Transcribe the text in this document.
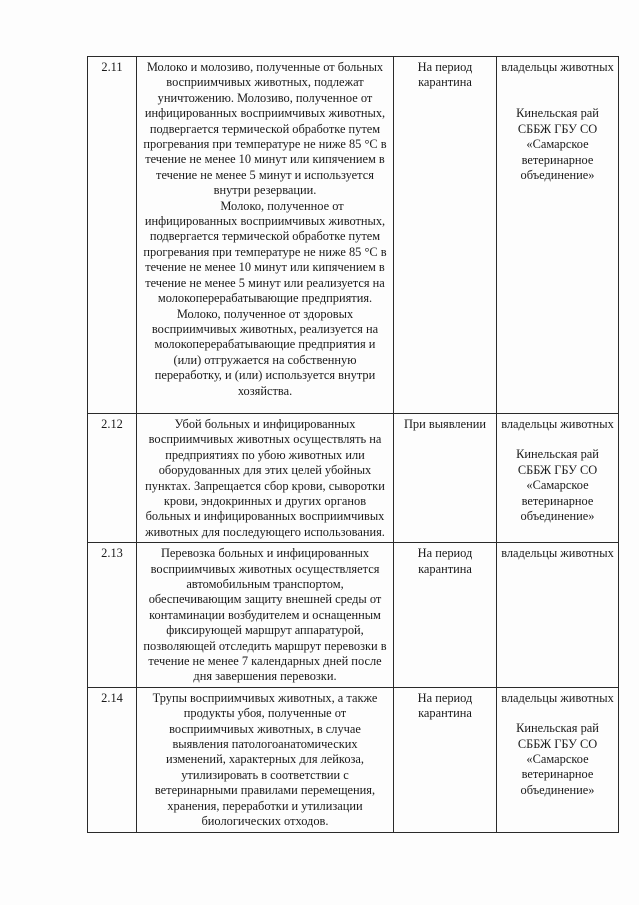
2.11	Молоко и молозиво, полученные от больных восприимчивых животных, подлежат уничтожению. Молозиво, полученное от инфицированных восприимчивых животных, подвергается термической обработке путем прогревания при температуре не ниже 85 °С в течение не менее 10 минут или кипячением в течение не менее 5 минут и используется внутри резервации.
Молоко, полученное от инфицированных восприимчивых животных, подвергается термической обработке путем прогревания при температуре не ниже 85 °С в течение не менее 10 минут или кипячением в течение не менее 5 минут или реализуется на молокоперерабатывающие предприятия.
Молоко, полученное от здоровых восприимчивых животных, реализуется на молокоперерабатывающие предприятия и (или) отгружается на собственную переработку, и (или) используется внутри хозяйства.	На период карантина	владельцы животных
Кинельская рай СББЖ ГБУ СО «Самарское ветеринарное объединение»

2.12	Убой больных и инфицированных восприимчивых животных осуществлять на предприятиях по убою животных или оборудованных для этих целей убойных пунктах. Запрещается сбор крови, сыворотки крови, эндокринных и других органов больных и инфицированных восприимчивых животных для последующего использования.	При выявлении	владельцы животных
Кинельская рай СББЖ ГБУ СО «Самарское ветеринарное объединение»

2.13	Перевозка больных и инфицированных восприимчивых животных осуществляется автомобильным транспортом, обеспечивающим защиту внешней среды от контаминации возбудителем и оснащенным фиксирующей маршрут аппаратурой, позволяющей отследить маршрут перевозки в течение не менее 7 календарных дней после дня завершения перевозки.	На период карантина	владельцы животных

2.14	Трупы восприимчивых животных, а также продукты убоя, полученные от восприимчивых животных, в случае выявления патологоанатомических изменений, характерных для лейкоза, утилизировать в соответствии с ветеринарными правилами перемещения, хранения, переработки и утилизации биологических отходов.	На период карантина	владельцы животных
Кинельская рай СББЖ ГБУ СО «Самарское ветеринарное объединение»
